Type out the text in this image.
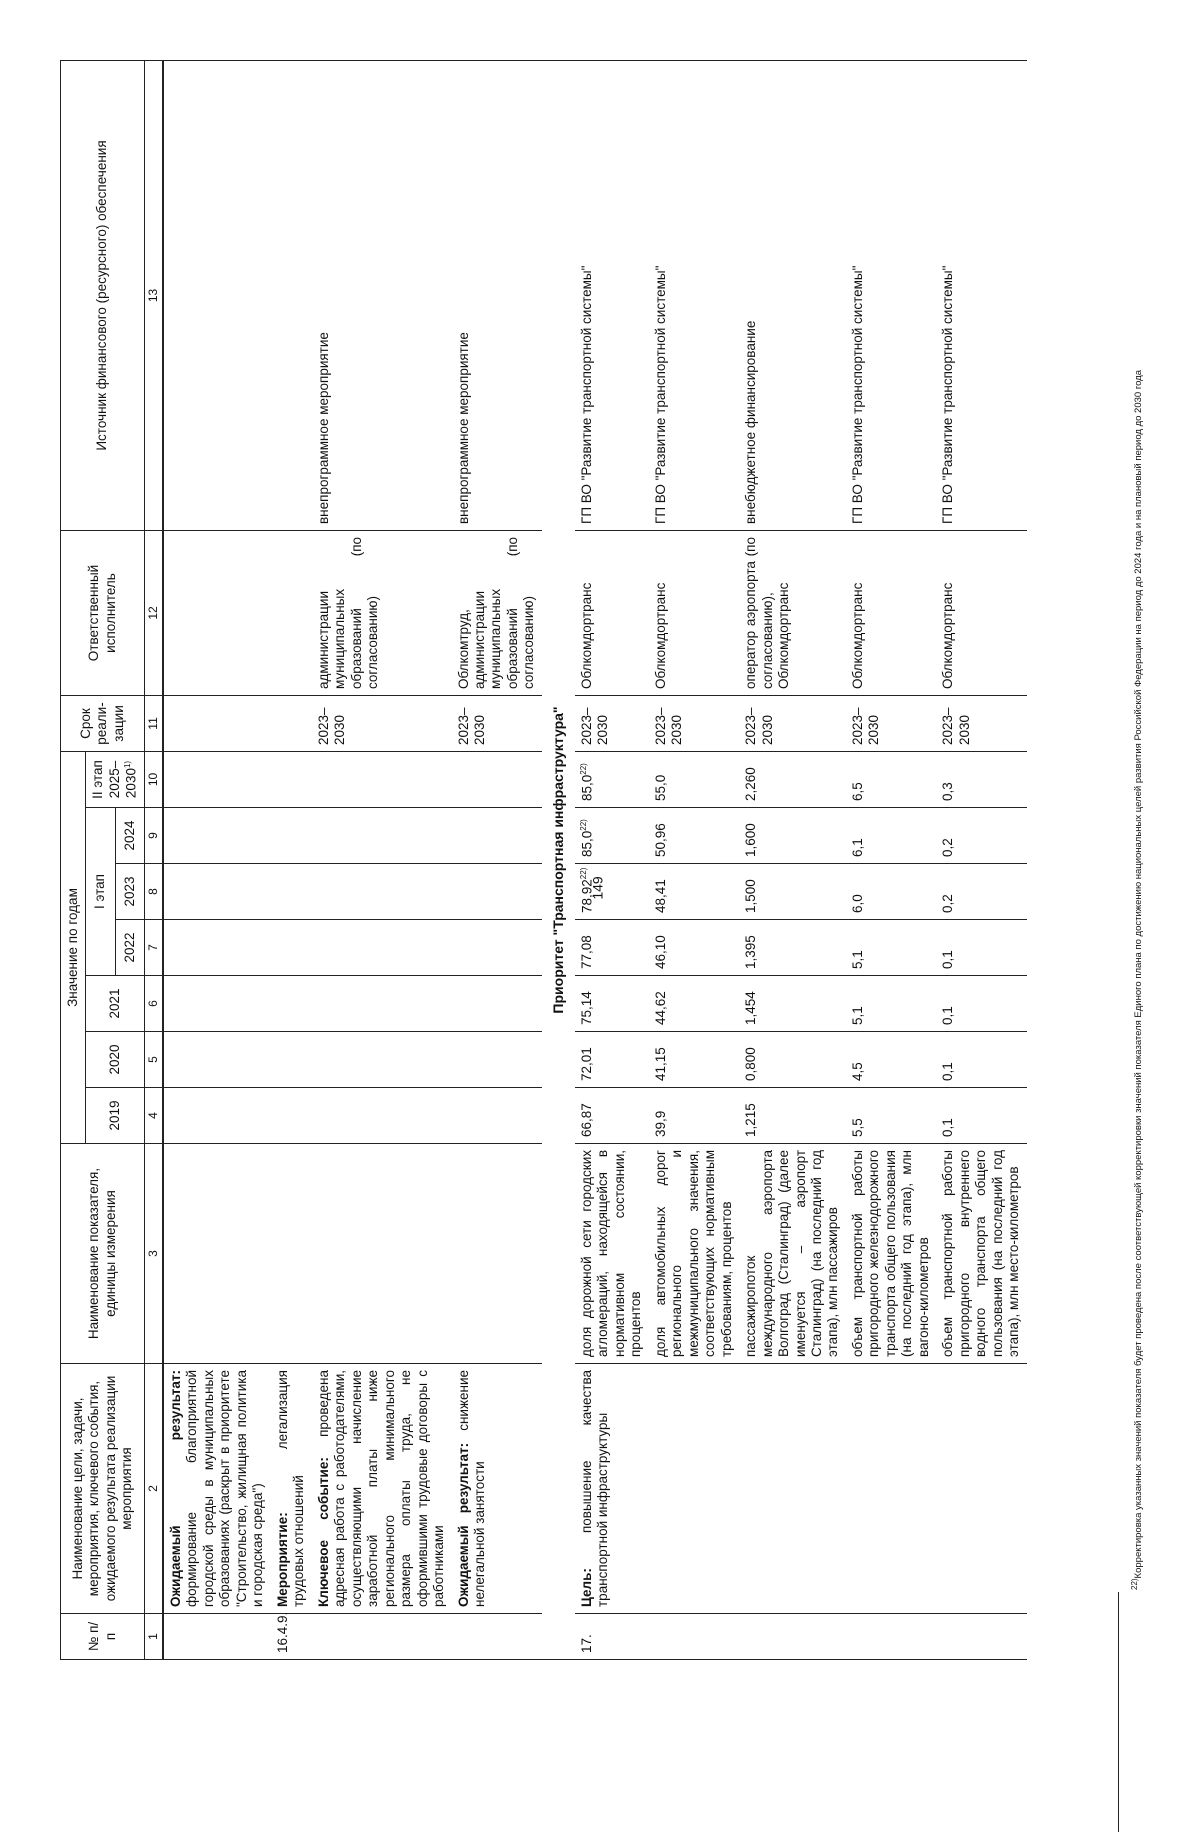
149
№ п/п	Наименование цели, задачи, мероприятия, ключевого события, ожидаемого результата реализации мероприятия	Наименование показателя, единицы измерения	Значение по годам							Срок реали-зации	Ответственный исполнитель	Источник финансового (ресурсного) обеспечения
			2019	2020	2021	I этап			II этап 2025–2030$^{1)}$
						2022	2023	2024				
1	2	3	4	5	6	7	8	9	10	11	12	13
	Ожидаемый результат: формирование благоприятной городской среды в муниципальных образованиях (раскрыт в приоритете "Строительство, жилищная политика и городская среда")											
16.4.9.	Мероприятие: легализация трудовых отношений											
	Ключевое событие: проведена адресная работа с работодателями, осуществляющими начисление заработной платы ниже регионального минимального размера оплаты труда, не оформившими трудовые договоры с работниками									2023–2030	администрации муниципальных образований (по согласованию)	внепрограммное мероприятие
	Ожидаемый результат: снижение нелегальной занятости									2023–2030	Облкомтруд, администрации муниципальных образований (по согласованию)	внепрограммное мероприятие
Приоритет "Транспортная инфраструктура"												
17.	Цель: повышение качества транспортной инфраструктуры	доля дорожной сети городских агломераций, находящейся в нормативном состоянии, процентов	66,87	72,01	75,14	77,08	78,92$^{22)}$	85,0$^{22)}$	85,0$^{22)}$	2023–2030	Облкомдортранс	ГП ВО "Развитие транспортной системы"
		доля автомобильных дорог регионального и межмуниципального значения, соответствующих нормативным требованиям, процентов	39,9	41,15	44,62	46,10	48,41	50,96	55,0	2023–2030	Облкомдортранс	ГП ВО "Развитие транспортной системы"
		пассажиропоток международного аэропорта Волгоград (Сталинград) (далее именуется – аэропорт Сталинград) (на последний год этапа), млн пассажиров	1,215	0,800	1,454	1,395	1,500	1,600	2,260	2023–2030	оператор аэропорта (по согласованию), Облкомдортранс	внебюджетное финансирование
		объем транспортной работы пригородного железнодорожного транспорта общего пользования (на последний год этапа), млн вагоно-километров	5,5	4,5	5,1	5,1	6,0	6,1	6,5	2023–2030	Облкомдортранс	ГП ВО "Развитие транспортной системы"
		объем транспортной работы пригородного внутреннего водного транспорта общего пользования (на последний год этапа), млн место-километров	0,1	0,1	0,1	0,1	0,2	0,2	0,3	2023–2030	Облкомдортранс	ГП ВО "Развитие транспортной системы"
$^{22)}$Корректировка указанных значений показателя будет проведена после соответствующей корректировки значений показателя Единого плана по достижению национальных целей развития Российской Федерации на период до 2024 года и на плановый период до 2030 года
